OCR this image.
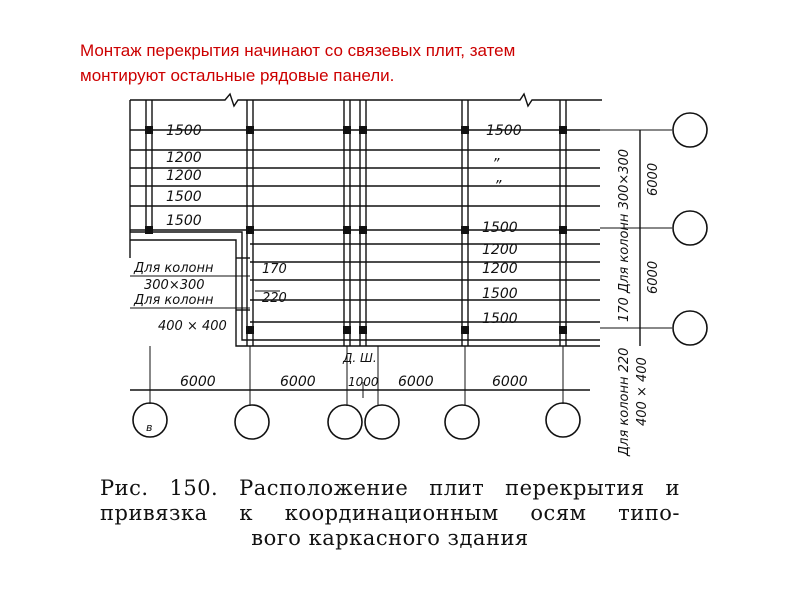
Монтаж перекрытия начинают со связевых плит, затем
монтируют остальные рядовые панели.
1500
1200
1200
1500
1500
1500
„
„
1500
1200
1200
1500
1500
Для колонн
300×300
Для колонн
400 × 400
170
220
6000	6000	1000 6000	6000
Д. Ш.
в
6000
6000
170 Для колонн 300×300
Для колонн 220 400 × 400
Рис. 150. Расположение плит перекрытия и
привязка к координационным осям типо-
вого каркасного здания
